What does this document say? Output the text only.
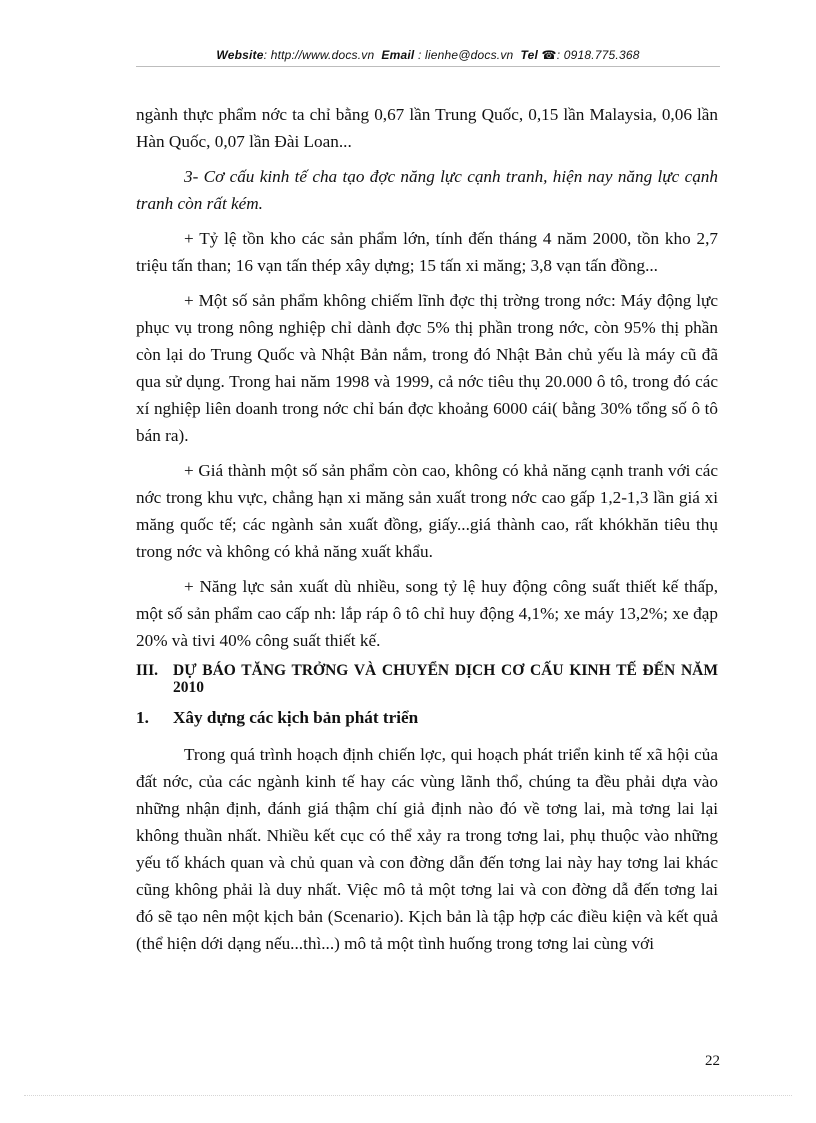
Website: http://www.docs.vn Email : lienhe@docs.vn Tel ☎: 0918.775.368

ngành thực phẩm nớc ta chỉ bằng 0,67 lần Trung Quốc, 0,15 lần Malaysia, 0,06 lần Hàn Quốc, 0,07 lần Đài Loan...

3- Cơ cấu kinh tế cha tạo đợc năng lực cạnh tranh, hiện nay năng lực cạnh tranh còn rất kém.

+ Tỷ lệ tồn kho các sản phẩm lớn, tính đến tháng 4 năm 2000, tồn kho 2,7 triệu tấn than; 16 vạn tấn thép xây dựng; 15 tấn xi măng; 3,8 vạn tấn đồng...

+ Một số sản phẩm không chiếm lĩnh đợc thị trờng trong nớc: Máy động lực phục vụ trong nông nghiệp chỉ dành đợc 5% thị phần trong nớc, còn 95% thị phần còn lại do Trung Quốc và Nhật Bản nắm, trong đó Nhật Bản chủ yếu là máy cũ đã qua sử dụng. Trong hai năm 1998 và 1999, cả nớc tiêu thụ 20.000 ô tô, trong đó các xí nghiệp liên doanh trong nớc chỉ bán đợc khoảng 6000 cái( bằng 30% tổng số ô tô bán ra).

+ Giá thành một số sản phẩm còn cao, không có khả năng cạnh tranh với các nớc trong khu vực, chẳng hạn xi măng sản xuất trong nớc cao gấp 1,2-1,3 lần giá xi măng quốc tế; các ngành sản xuất đồng, giấy...giá thành cao, rất khókhăn tiêu thụ trong nớc và không có khả năng xuất khẩu.

+ Năng lực sản xuất dù nhiều, song tỷ lệ huy động công suất thiết kế thấp, một số sản phẩm cao cấp nh: lắp ráp ô tô chỉ huy động 4,1%; xe máy 13,2%; xe đạp 20% và tivi 40% công suất thiết kế.

III. DỰ BÁO TĂNG TRỞNG VÀ CHUYỂN DỊCH CƠ CẤU KINH TẾ ĐẾN NĂM 2010
1.	Xây dựng các kịch bản phát triển

Trong quá trình hoạch định chiến lợc, qui hoạch phát triển kinh tế xã hội của đất nớc, của các ngành kinh tế hay các vùng lãnh thổ, chúng ta đều phải dựa vào những nhận định, đánh giá thậm chí giả định nào đó về tơng lai, mà tơng lai lại không thuần nhất. Nhiều kết cục có thể xảy ra trong tơng lai, phụ thuộc vào những yếu tố khách quan và chủ quan và con đờng dẫn đến tơng lai này hay tơng lai khác cũng không phải là duy nhất. Việc mô tả một tơng lai và con đờng dẫ đến tơng lai đó sẽ tạo nên một kịch bản (Scenario). Kịch bản là tập hợp các điều kiện và kết quả (thể hiện dới dạng nếu...thì...) mô tả một tình huống trong tơng lai cùng với

22
